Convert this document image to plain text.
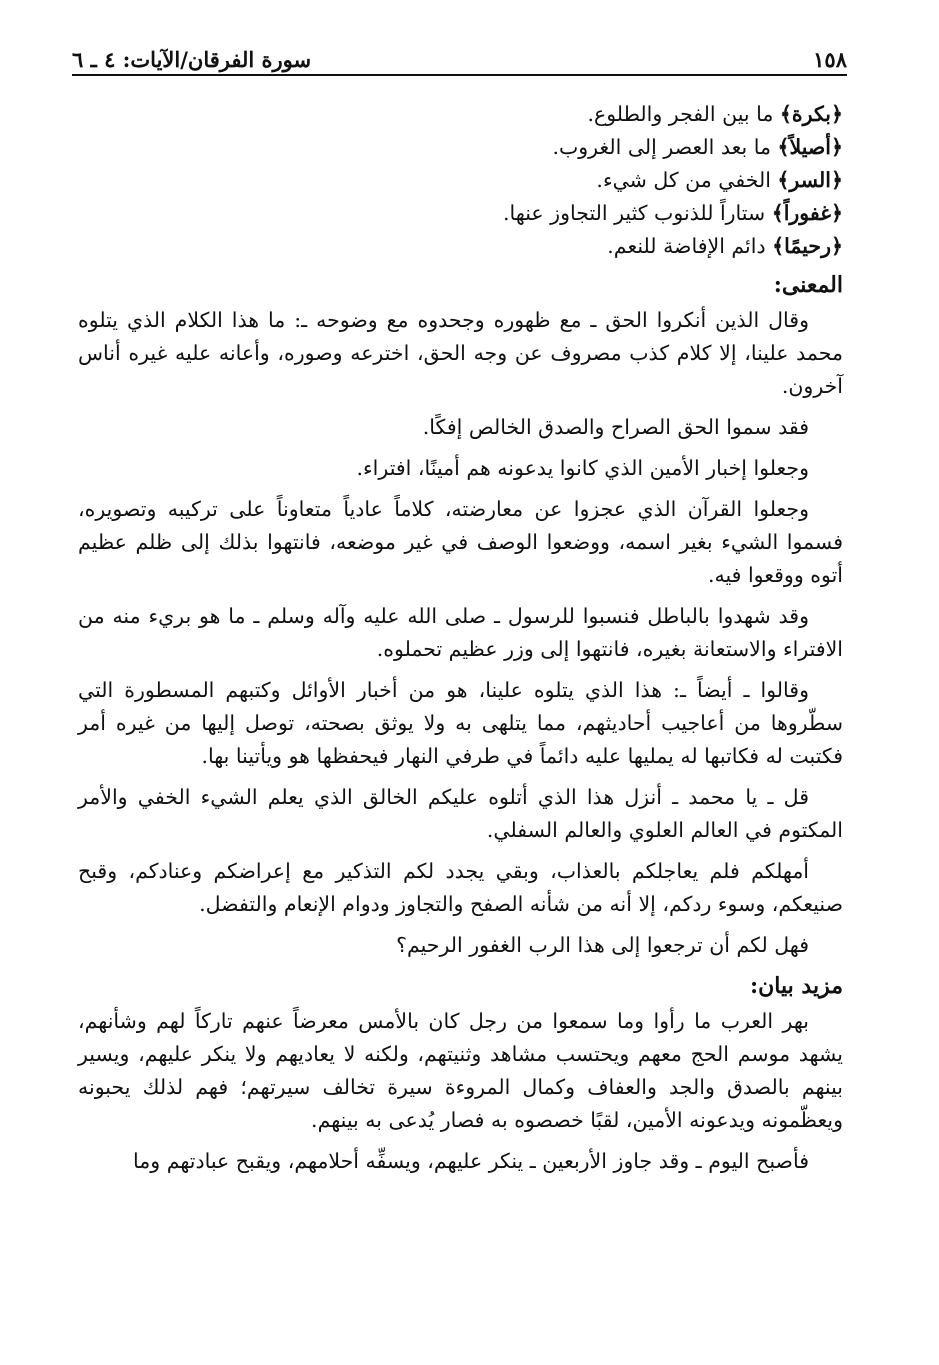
١٥٨
سورة الفرقان/الآيات: ٤ ـ ٦
﴿بكرة﴾ ما بين الفجر والطلوع.
﴿أصيلاً﴾ ما بعد العصر إلى الغروب.
﴿السر﴾ الخفي من كل شيء.
﴿غفوراً﴾ ستاراً للذنوب كثير التجاوز عنها.
﴿رحيمًا﴾ دائم الإفاضة للنعم.
المعنى:

وقال الذين أنكروا الحق ـ مع ظهوره وجحدوه مع وضوحه ـ: ما هذا الكلام الذي يتلوه محمد علينا، إلا كلام كذب مصروف عن وجه الحق، اخترعه وصوره، وأعانه عليه غيره أناس آخرون.

فقد سموا الحق الصراح والصدق الخالص إفكًا.

وجعلوا إخبار الأمين الذي كانوا يدعونه هم أمينًا، افتراء.

وجعلوا القرآن الذي عجزوا عن معارضته، كلاماً عادياً متعاوناً على تركيبه وتصويره، فسموا الشيء بغير اسمه، ووضعوا الوصف في غير موضعه، فانتهوا بذلك إلى ظلم عظيم أتوه ووقعوا فيه.

وقد شهدوا بالباطل فنسبوا للرسول ـ صلى الله عليه وآله وسلم ـ ما هو بريء منه من الافتراء والاستعانة بغيره، فانتهوا إلى وزر عظيم تحملوه.

وقالوا ـ أيضاً ـ: هذا الذي يتلوه علينا، هو من أخبار الأوائل وكتبهم المسطورة التي سطّروها من أعاجيب أحاديثهم، مما يتلهى به ولا يوثق بصحته، توصل إليها من غيره أمر فكتبت له فكاتبها له يمليها عليه دائماً في طرفي النهار فيحفظها هو ويأتينا بها.

قل ـ يا محمد ـ أنزل هذا الذي أتلوه عليكم الخالق الذي يعلم الشيء الخفي والأمر المكتوم في العالم العلوي والعالم السفلي.

أمهلكم فلم يعاجلكم بالعذاب، وبقي يجدد لكم التذكير مع إعراضكم وعنادكم، وقبح صنيعكم، وسوء ردكم، إلا أنه من شأنه الصفح والتجاوز ودوام الإنعام والتفضل.

فهل لكم أن ترجعوا إلى هذا الرب الغفور الرحيم؟

مزيد بيان:

بهر العرب ما رأوا وما سمعوا من رجل كان بالأمس معرضاً عنهم تاركاً لهم وشأنهم، يشهد موسم الحج معهم ويحتسب مشاهد وثنيتهم، ولكنه لا يعاديهم ولا ينكر عليهم، ويسير بينهم بالصدق والجد والعفاف وكمال المروءة سيرة تخالف سيرتهم؛ فهم لذلك يحبونه ويعظّمونه ويدعونه الأمين، لقبًا خصصوه به فصار يُدعى به بينهم.

فأصبح اليوم ـ وقد جاوز الأربعين ـ ينكر عليهم، ويسفِّه أحلامهم، ويقبح عبادتهم وما
